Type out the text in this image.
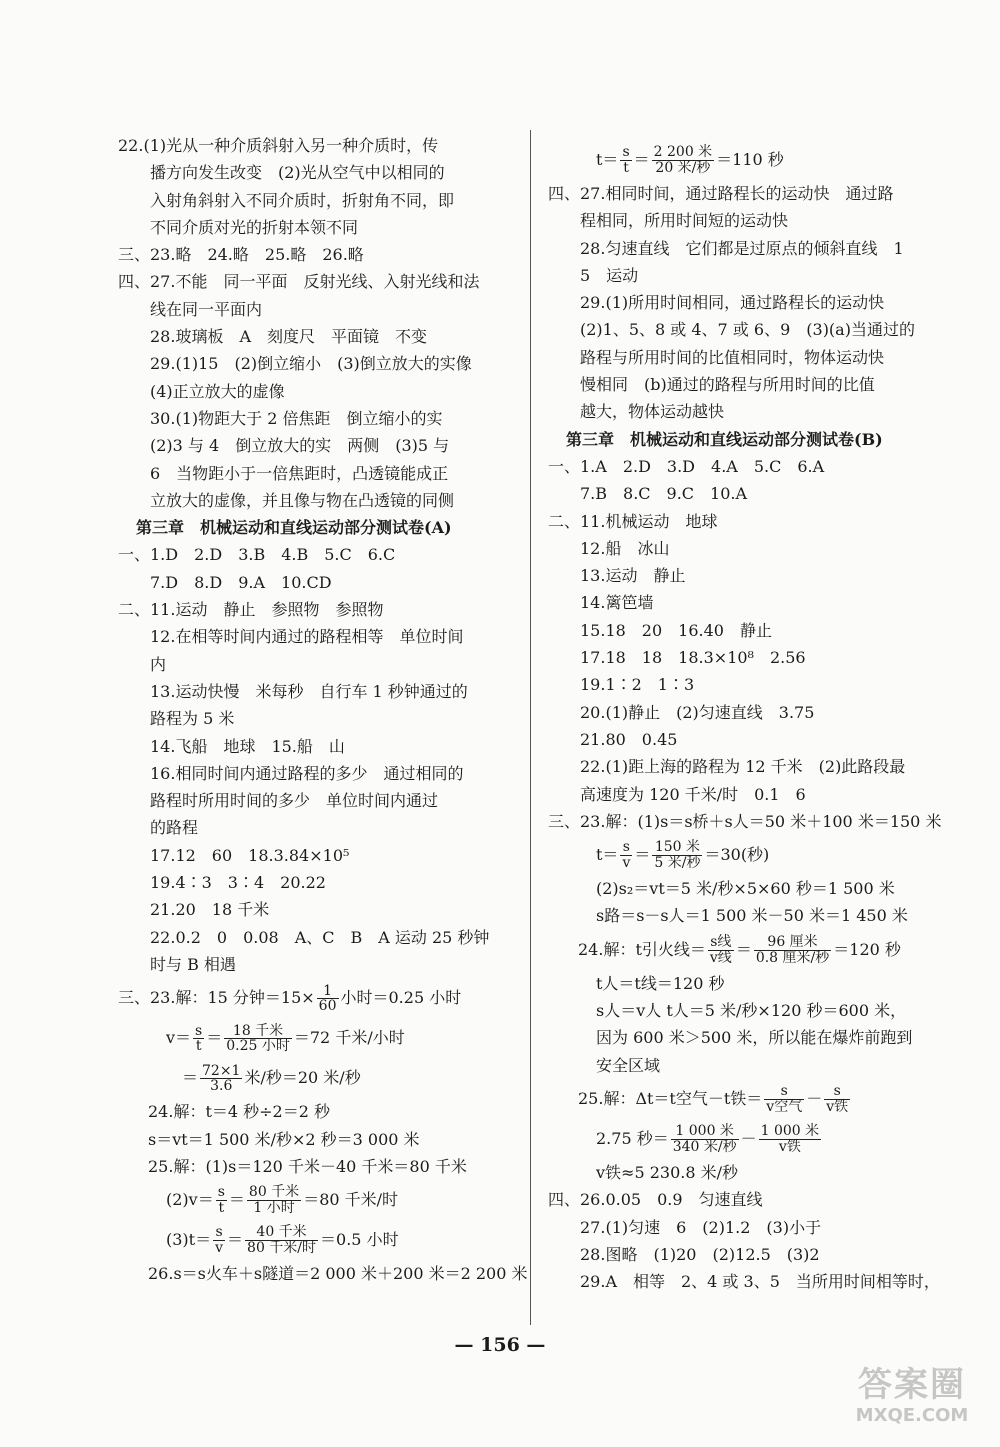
22.(1)光从一种介质斜射入另一种介质时，传
　　播方向发生改变　(2)光从空气中以相同的
　　入射角斜射入不同介质时，折射角不同，即
　　不同介质对光的折射本领不同
三、23.略　24.略　25.略　26.略
四、27.不能　同一平面　反射光线、入射光线和法
　　线在同一平面内
　　28.玻璃板　A　刻度尺　平面镜　不变
　　29.(1)15　(2)倒立缩小　(3)倒立放大的实像
　　(4)正立放大的虚像
　　30.(1)物距大于 2 倍焦距　倒立缩小的实
　　(2)3 与 4　倒立放大的实　两侧　(3)5 与
　　6　当物距小于一倍焦距时，凸透镜能成正
　　立放大的虚像，并且像与物在凸透镜的同侧
第三章　机械运动和直线运动部分测试卷(A)
一、1.D　2.D　3.B　4.B　5.C　6.C
　　7.D　8.D　9.A　10.CD
二、11.运动　静止　参照物　参照物
　　12.在相等时间内通过的路程相等　单位时间
　　内
　　13.运动快慢　米每秒　自行车 1 秒钟通过的
　　路程为 5 米
　　14.飞船　地球　15.船　山
　　16.相同时间内通过路程的多少　通过相同的
　　路程时所用时间的多少　单位时间内通过
　　的路程
　　17.12　60　18.3.84×10⁵
　　19.4∶3　3∶4　20.22
　　21.20　18 千米
　　22.0.2　0　0.08　A、C　B　A 运动 25 秒钟
　　时与 B 相遇
三、23.解：15 分钟$=15\times \frac{1}{60}$ 小时＝0.25 小时
$v= \frac{s}{t} = \frac{\text{18 千米}}{\text{0.25 小时}} =72$ 千米/小时
＝ $\frac{72\times 1}{3.6}$ 米/秒＝20 米/秒
24.解：t＝4 秒÷2＝2 秒
s＝vt＝1 500 米/秒×2 秒＝3 000 米
25.解：(1)s＝120 千米－40 千米＝80 千米
$(2)v= \frac{s}{t} = \frac{\text{80 千米}}{\text{1 小时}} =80$ 千米/时
$(3)t= \frac{s}{v} = \frac{\text{40 千米}}{\text{80 千米/时}} =0.5$ 小时
26.s＝s火车＋s隧道＝2 000 米＋200 米＝2 200 米
$t= \frac{s}{t} = \frac{\text{2 200 米}}{\text{20 米/秒}} =110$ 秒
四、27.相同时间，通过路程长的运动快　通过路
　　程相同，所用时间短的运动快
　　28.匀速直线　它们都是过原点的倾斜直线　1
　　5　运动
　　29.(1)所用时间相同，通过路程长的运动快
　　(2)1、5、8 或 4、7 或 6、9　(3)(a)当通过的
　　路程与所用时间的比值相同时，物体运动快
　　慢相同　(b)通过的路程与所用时间的比值
　　越大，物体运动越快
第三章　机械运动和直线运动部分测试卷(B)
一、1.A　2.D　3.D　4.A　5.C　6.A
　　7.B　8.C　9.C　10.A
二、11.机械运动　地球
　　12.船　冰山
　　13.运动　静止
　　14.篱笆墙
　　15.18　20　16.40　静止
　　17.18　18　18.3×10⁸　2.56
　　19.1∶2　1∶3
　　20.(1)静止　(2)匀速直线　3.75
　　21.80　0.45
　　22.(1)距上海的路程为 12 千米　(2)此路段最
　　高速度为 120 千米/时　0.1　6
三、23.解：(1)s＝s桥＋s人＝50 米＋100 米＝150 米
$t= \frac{s}{v} = \frac{\text{150 米}}{\text{5 米/秒}} =30$(秒)
(2)s₂＝vt＝5 米/秒×5×60 秒＝1 500 米
s路＝s－s人＝1 500 米－50 米＝1 450 米
24.解：t引火线＝ $\frac{\text{s线}}{\text{v线}} = \frac{\text{96 厘米}}{\text{0.8 厘米/秒}} =120$ 秒
t人＝t线＝120 秒
s人＝v人 t人＝5 米/秒×120 秒＝600 米，
因为 600 米＞500 米，所以能在爆炸前跑到
安全区域
25.解：Δt＝t空气－t铁＝ $\frac{s}{\text{v空气}} - \frac{s}{\text{v铁}}$
2.75 秒＝ $\frac{\text{1 000 米}}{\text{340 米/秒}} - \frac{\text{1 000 米}}{\text{v铁}}$
v铁≈5 230.8 米/秒
四、26.0.05　0.9　匀速直线
　　27.(1)匀速　6　(2)1.2　(3)小于
　　28.图略　(1)20　(2)12.5　(3)2
　　29.A　相等　2、4 或 3、5　当所用时间相等时，
— 156 —
答案圈
MXQE.COM
